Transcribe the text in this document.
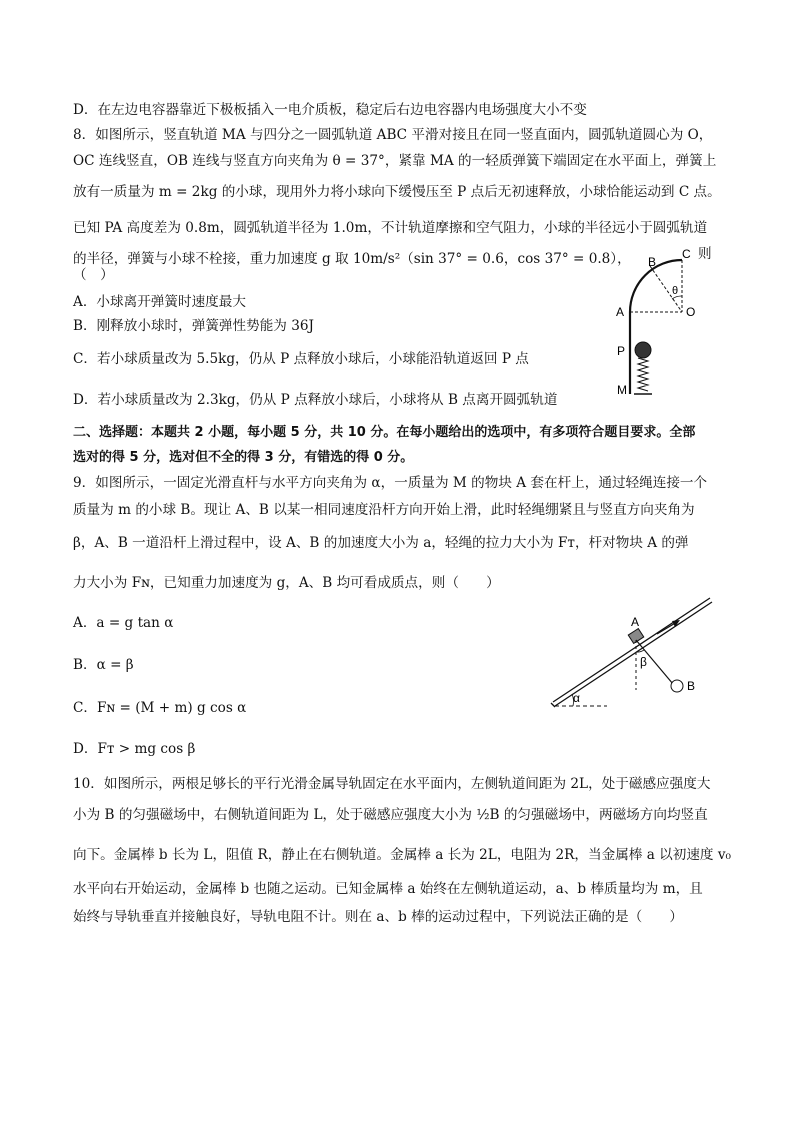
D．在左边电容器靠近下极板插入一电介质板，稳定后右边电容器内电场强度大小不变
8．如图所示，竖直轨道 MA 与四分之一圆弧轨道 ABC 平滑对接且在同一竖直面内，圆弧轨道圆心为 O，
OC 连线竖直，OB 连线与竖直方向夹角为 θ = 37°，紧靠 MA 的一轻质弹簧下端固定在水平面上，弹簧上
放有一质量为 m = 2kg 的小球，现用外力将小球向下缓慢压至 P 点后无初速释放，小球恰能运动到 C 点。
已知 PA 高度差为 0.8m，圆弧轨道半径为 1.0m，不计轨道摩擦和空气阻力，小球的半径远小于圆弧轨道
的半径，弹簧与小球不栓接，重力加速度 g 取 10m/s²（sin 37° = 0.6，cos 37° = 0.8），
（　）
则
A．小球离开弹簧时速度最大
B．刚释放小球时，弹簧弹性势能为 36J
C．若小球质量改为 5.5kg，仍从 P 点释放小球后，小球能沿轨道返回 P 点
D．若小球质量改为 2.3kg，仍从 P 点释放小球后，小球将从 B 点离开圆弧轨道
B
C
A	O
P
M
θ
二、选择题：本题共 2 小题，每小题 5 分，共 10 分。在每小题给出的选项中，有多项符合题目要求。全部
选对的得 5 分，选对但不全的得 3 分，有错选的得 0 分。
9．如图所示，一固定光滑直杆与水平方向夹角为 α，一质量为 M 的物块 A 套在杆上，通过轻绳连接一个
质量为 m 的小球 B。现让 A、B 以某一相同速度沿杆方向开始上滑，此时轻绳绷紧且与竖直方向夹角为
β，A、B 一道沿杆上滑过程中，设 A、B 的加速度大小为 a，轻绳的拉力大小为 Fᴛ，杆对物块 A 的弹
力大小为 Fɴ，已知重力加速度为 g，A、B 均可看成质点，则（　　）
A．a = g tan α
B．α = β
C．Fɴ = (M + m) g cos α
D．Fᴛ > mg cos β
A
B
α
β
10．如图所示，两根足够长的平行光滑金属导轨固定在水平面内，左侧轨道间距为 2L，处于磁感应强度大
小为 B 的匀强磁场中，右侧轨道间距为 L，处于磁感应强度大小为 ½B 的匀强磁场中，两磁场方向均竖直
向下。金属棒 b 长为 L，阻值 R，静止在右侧轨道。金属棒 a 长为 2L，电阻为 2R，当金属棒 a 以初速度 v₀
水平向右开始运动，金属棒 b 也随之运动。已知金属棒 a 始终在左侧轨道运动，a、b 棒质量均为 m，且
始终与导轨垂直并接触良好，导轨电阻不计。则在 a、b 棒的运动过程中，下列说法正确的是（　　）
